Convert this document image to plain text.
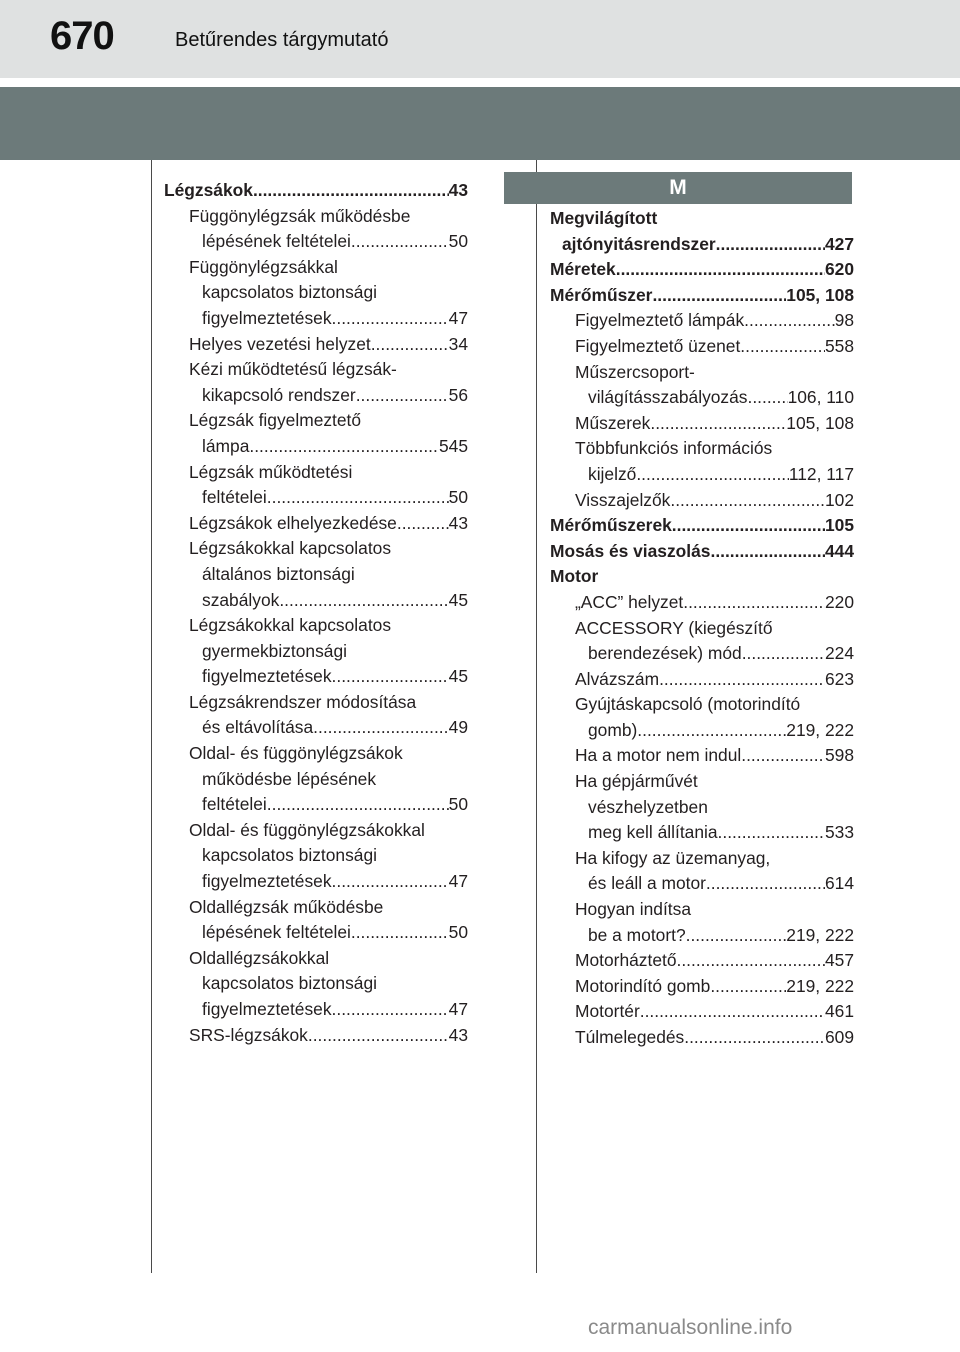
670	Betűrendes tárgymutató
Légzsákok .....	43
Függönylégzsák működésbe
lépésének feltételei .....	50
Függönylégzsákkal
kapcsolatos biztonsági
figyelmeztetések .....	47
Helyes vezetési helyzet .....	34
Kézi működtetésű légzsák-
kikapcsoló rendszer .....	56
Légzsák figyelmeztető
lámpa .....	545
Légzsák működtetési
feltételei .....	50
Légzsákok elhelyezkedése .....	43
Légzsákokkal kapcsolatos
általános biztonsági
szabályok .....	45
Légzsákokkal kapcsolatos
gyermekbiztonsági
figyelmeztetések .....	45
Légzsákrendszer módosítása
és eltávolítása .....	49
Oldal- és függönylégzsákok
működésbe lépésének
feltételei .....	50
Oldal- és függönylégzsákokkal
kapcsolatos biztonsági
figyelmeztetések .....	47
Oldallégzsák működésbe
lépésének feltételei .....	50
Oldallégzsákokkal
kapcsolatos biztonsági
figyelmeztetések .....	47
SRS-légzsákok .....	43
M
Megvilágított
ajtónyitásrendszer .....	427
Méretek .....	620
Mérőműszer .....	105, 108
Figyelmeztető lámpák .....	98
Figyelmeztető üzenet .....	558
Műszercsoport-
világításszabályozás ..... 106, 110
Műszerek .....	105, 108
Többfunkciós információs
kijelző .....	112, 117
Visszajelzők .....	102
Mérőműszerek .....	105
Mosás és viaszolás .....	444
Motor
„ACC” helyzet .....	220
ACCESSORY (kiegészítő
berendezések) mód .....	224
Alvázszám .....	623
Gyújtáskapcsoló (motorindító
gomb) .....	219, 222
Ha a motor nem indul .....	598
Ha gépjárművét
vészhelyzetben
meg kell állítania .....	533
Ha kifogy az üzemanyag,
és leáll a motor .....	614
Hogyan indítsa
be a motort? .....	219, 222
Motorháztető .....	457
Motorindító gomb .....	219, 222
Motortér .....	461
Túlmelegedés .....	609
carmanualsonline.info
